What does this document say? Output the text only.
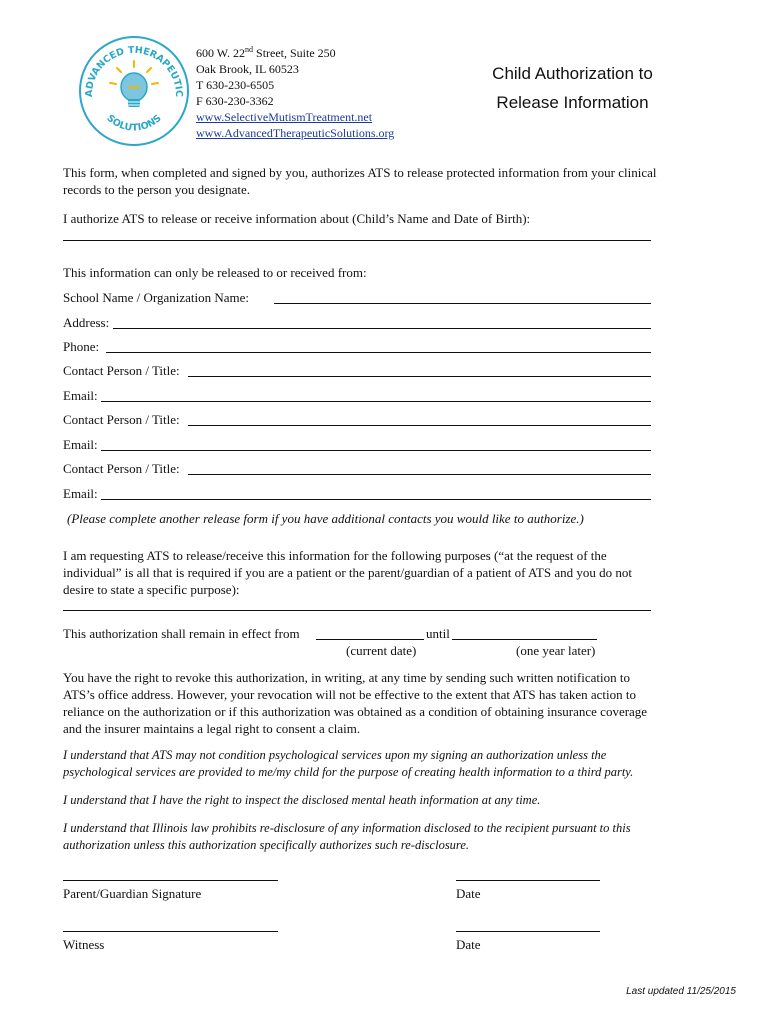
ADVANCED THERAPEUTIC
SOLUTIONS
600 W. 22nd Street, Suite 250
Oak Brook, IL 60523
T 630-230-6505
F 630-230-3362
www.SelectiveMutismTreatment.net
www.AdvancedTherapeuticSolutions.org
Child Authorization to
Release Information
This form, when completed and signed by you, authorizes ATS to release protected information from your clinical
records to the person you designate.
I authorize ATS to release or receive information about (Child’s Name and Date of Birth):
This information can only be released to or received from:
School Name / Organization Name:
Address:
Phone:
Contact Person / Title:
Email:
Contact Person / Title:
Email:
Contact Person / Title:
Email:
(Please complete another release form if you have additional contacts you would like to authorize.)
I am requesting ATS to release/receive this information for the following purposes (“at the request of the
individual” is all that is required if you are a patient or the parent/guardian of a patient of ATS and you do not
desire to state a specific purpose):
This authorization shall remain in effect from	until
(current date)	(one year later)
You have the right to revoke this authorization, in writing, at any time by sending such written notification to
ATS’s office address. However, your revocation will not be effective to the extent that ATS has taken action to
reliance on the authorization or if this authorization was obtained as a condition of obtaining insurance coverage
and the insurer maintains a legal right to consent a claim.
I understand that ATS may not condition psychological services upon my signing an authorization unless the
psychological services are provided to me/my child for the purpose of creating health information to a third party.
I understand that I have the right to inspect the disclosed mental heath information at any time.
I understand that Illinois law prohibits re-disclosure of any information disclosed to the recipient pursuant to this
authorization unless this authorization specifically authorizes such re-disclosure.
Parent/Guardian Signature	Date
Witness	Date
Last updated 11/25/2015
